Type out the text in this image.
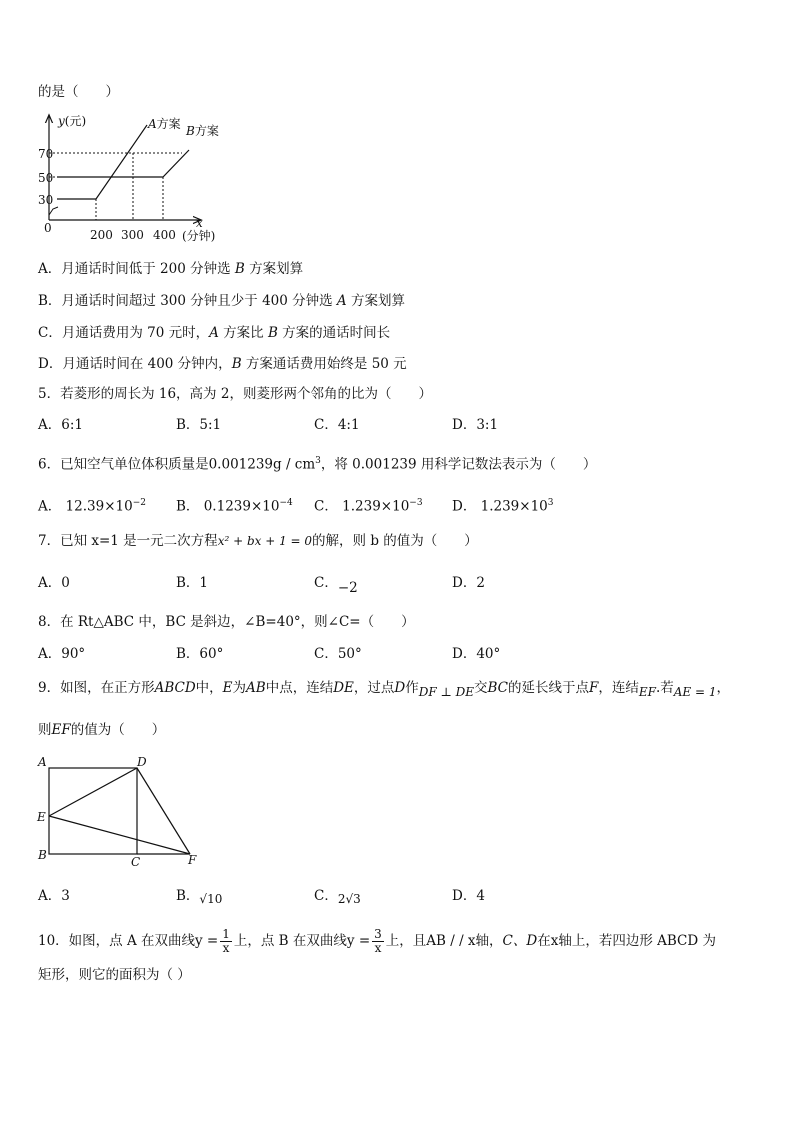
的是（　　）
y(元)
70
50
30
0	200 300 400
x
(分钟)
A方案 B方案
A．月通话时间低于 200 分钟选 B 方案划算
B．月通话时间超过 300 分钟且少于 400 分钟选 A 方案划算
C．月通话费用为 70 元时，A 方案比 B 方案的通话时间长
D．月通话时间在 400 分钟内，B 方案通话费用始终是 50 元
5．若菱形的周长为 16，高为 2，则菱形两个邻角的比为（　　）
A．6:1	B．5:1	C．4:1	D．3:1
6．已知空气单位体积质量是$0.001239g / cm^3$，将 0.001239 用科学记数法表示为（　　）
A． $12.39\times 10^{-2}$ B． $0.1239\times 10^{-4}$ C． $1.239\times 10^{-3}$ D． $1.239\times 10^3$
7．已知 x=1 是一元二次方程x² + bx + 1 = 0的解，则 b 的值为（　　）
A．0	B．1	C．−2	D．2
8．在 Rt△ABC 中，BC 是斜边，∠B=40°，则∠C=（　　）
A．90°	B．60°	C．50°	D．40°
9．如图，在正方形ABCD中，E为AB中点，连结DE，过点D作DF ⊥ DE交BC的延长线于点F，连结EF.若AE = 1，
则EF的值为（　　）
A	D
E
B	C	F
A．3	B．√10	C．2√3	D．4
10．如图，点 A 在双曲线$y = \frac{1}{x}$ 上，点 B 在双曲线$y = \frac{3}{x}$ 上，且AB / / x轴，C、D在x轴上，若四边形 ABCD 为
矩形，则它的面积为（ ）
